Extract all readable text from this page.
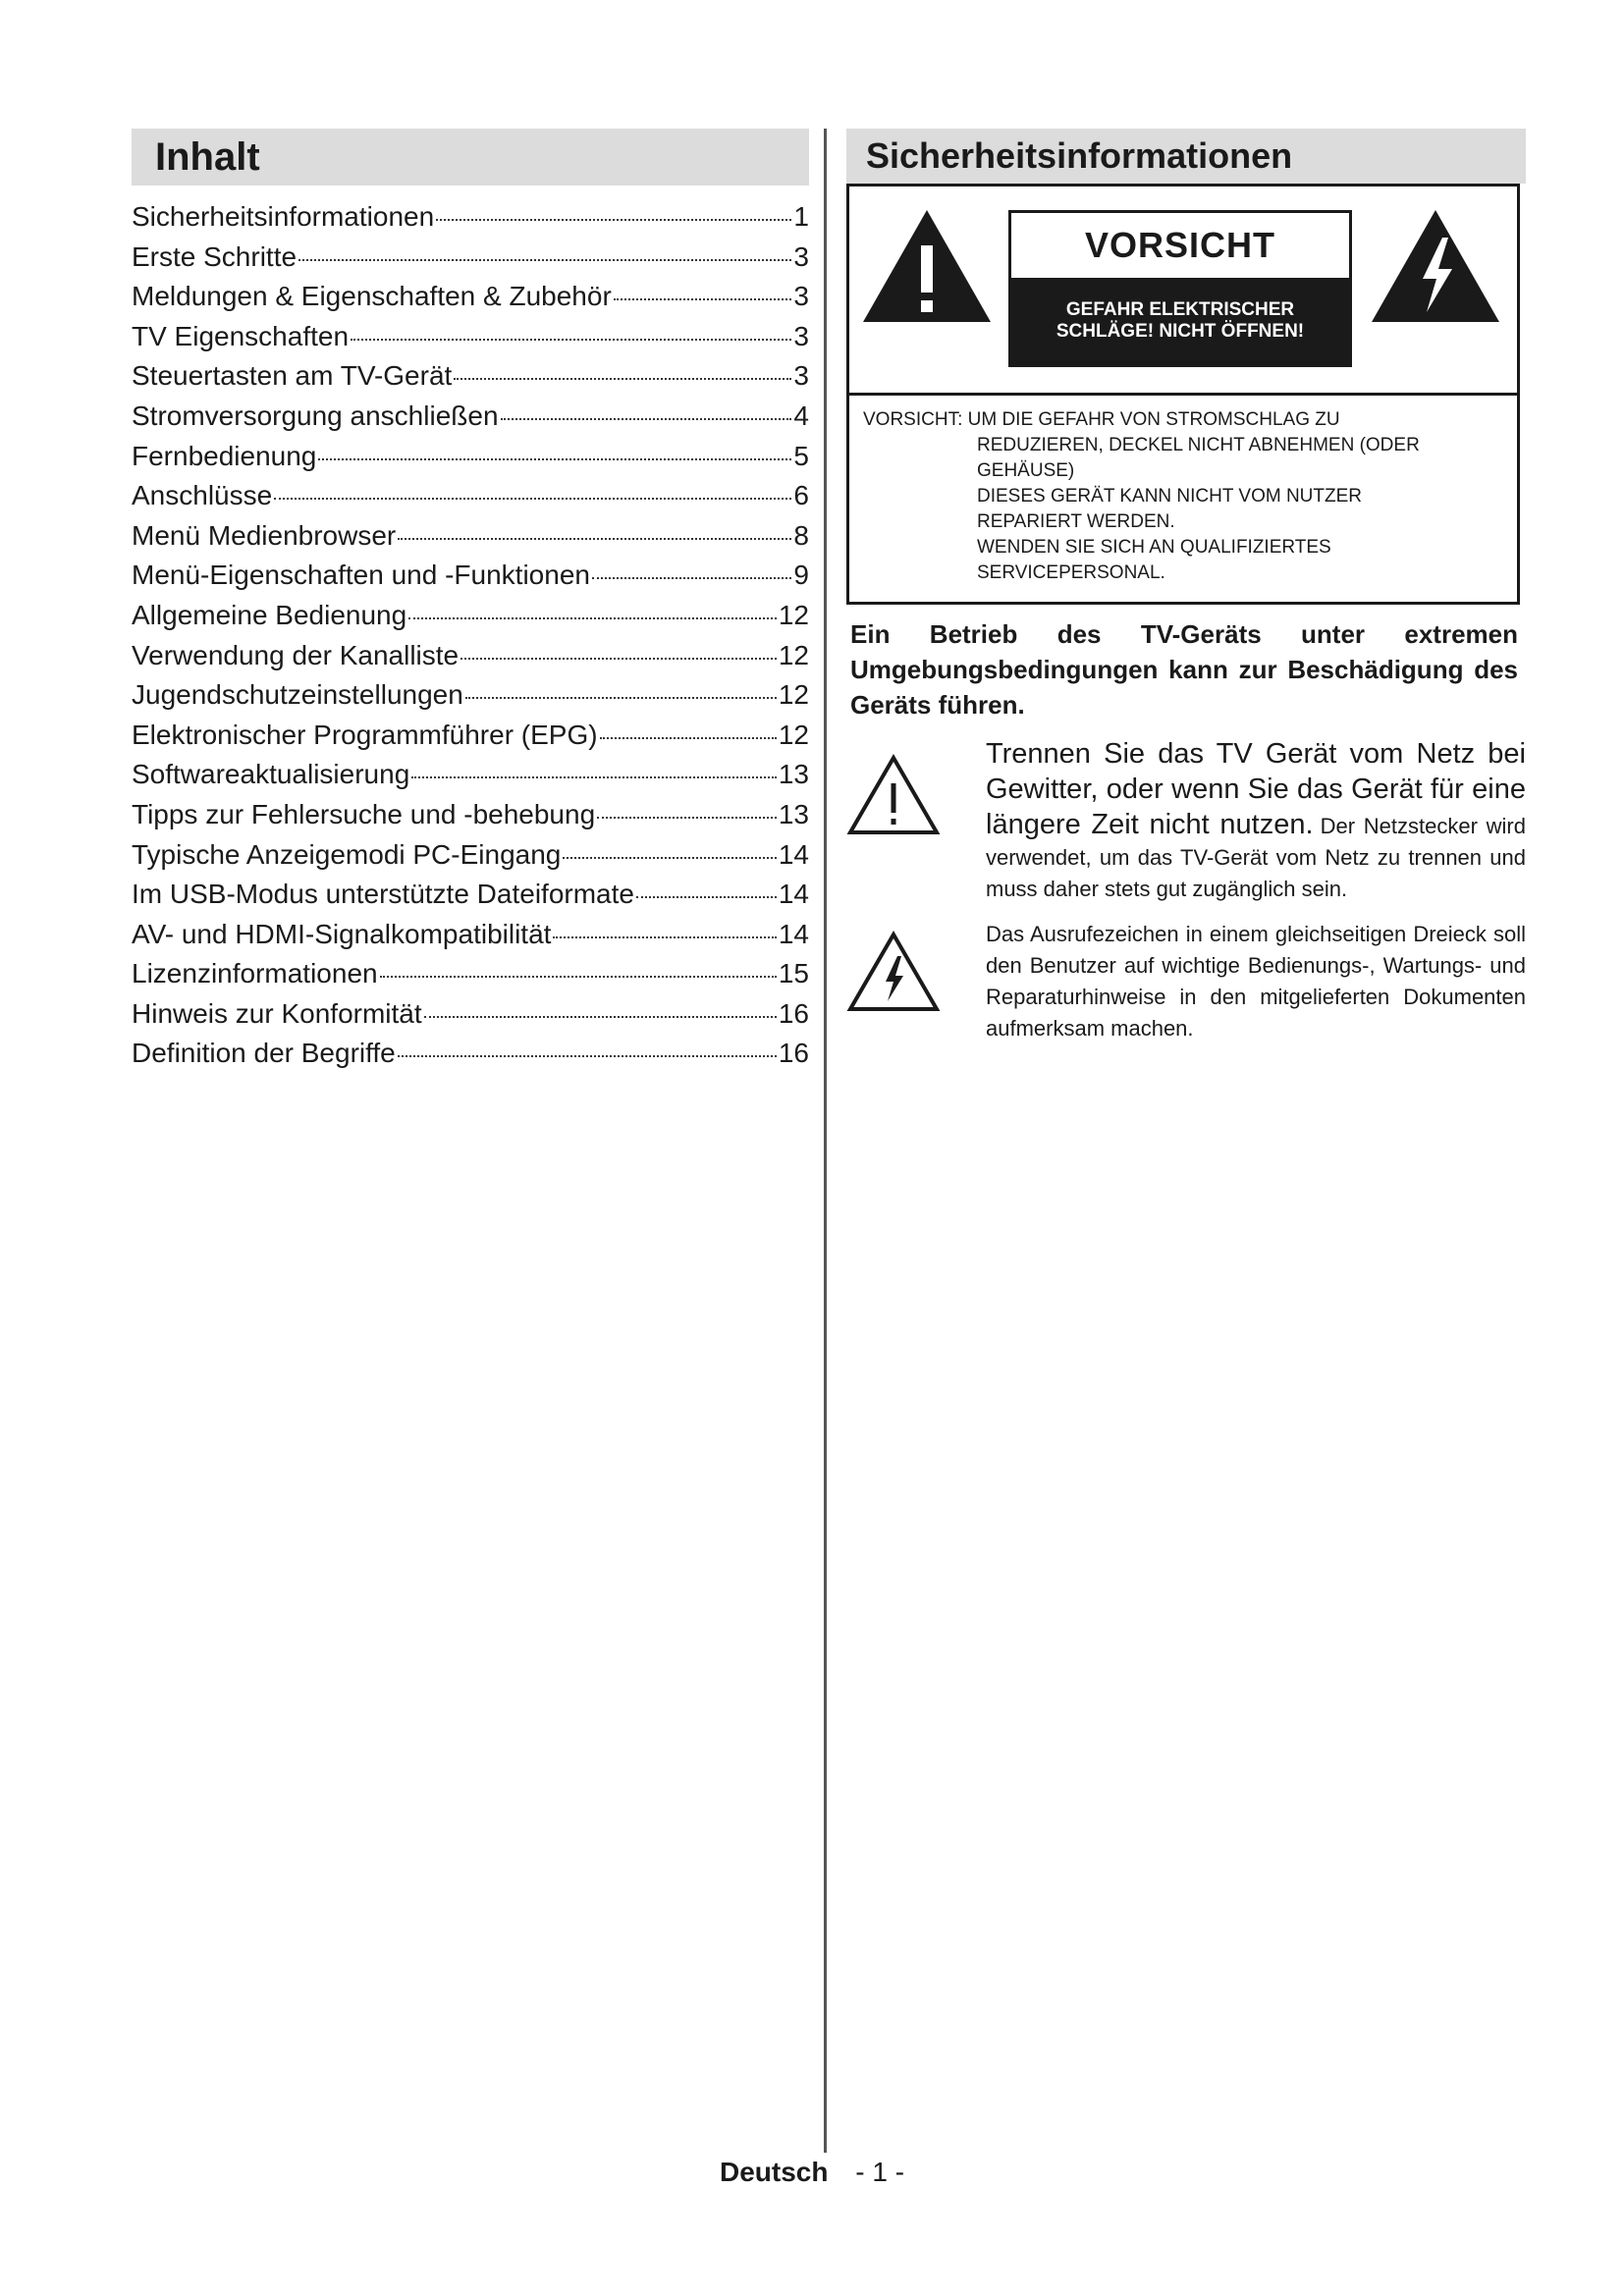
Inhalt
Sicherheitsinformationen	1
Erste Schritte	3
Meldungen & Eigenschaften & Zubehör	3
TV Eigenschaften	3
Steuertasten am TV-Gerät	3
Stromversorgung anschließen	4
Fernbedienung	5
Anschlüsse	6
Menü Medienbrowser	8
Menü-Eigenschaften und -Funktionen	9
Allgemeine Bedienung	12
Verwendung der Kanalliste	12
Jugendschutzeinstellungen	12
Elektronischer Programmführer (EPG)	12
Softwareaktualisierung	13
Tipps zur Fehlersuche und -behebung	13
Typische Anzeigemodi PC-Eingang	14
Im USB-Modus unterstützte Dateiformate	14
AV- und HDMI-Signalkompatibilität	14
Lizenzinformationen	15
Hinweis zur Konformität	16
Definition der Begriffe	16
Sicherheitsinformationen
VORSICHT
GEFAHR ELEKTRISCHER
SCHLÄGE! NICHT ÖFFNEN!
VORSICHT: UM DIE GEFAHR VON STROMSCHLAG ZU
REDUZIEREN, DECKEL NICHT ABNEHMEN (ODER
GEHÄUSE)
DIESES GERÄT KANN NICHT VOM NUTZER
REPARIERT WERDEN.
WENDEN SIE SICH AN QUALIFIZIERTES
SERVICEPERSONAL.

Ein Betrieb des TV-Geräts unter extremen Umgebungsbedingungen kann zur Beschädigung des Geräts führen.

Trennen Sie das TV Gerät vom Netz bei Gewitter, oder wenn Sie das Gerät für eine längere Zeit nicht nutzen. Der Netzstecker wird verwendet, um das TV-Gerät vom Netz zu trennen und muss daher stets gut zugänglich sein.
Das Ausrufezeichen in einem gleichseitigen Dreieck soll den Benutzer auf wichtige Bedienungs-, Wartungs- und Reparaturhinweise in den mitgelieferten Dokumenten aufmerksam machen.
Deutsch - 1 -
